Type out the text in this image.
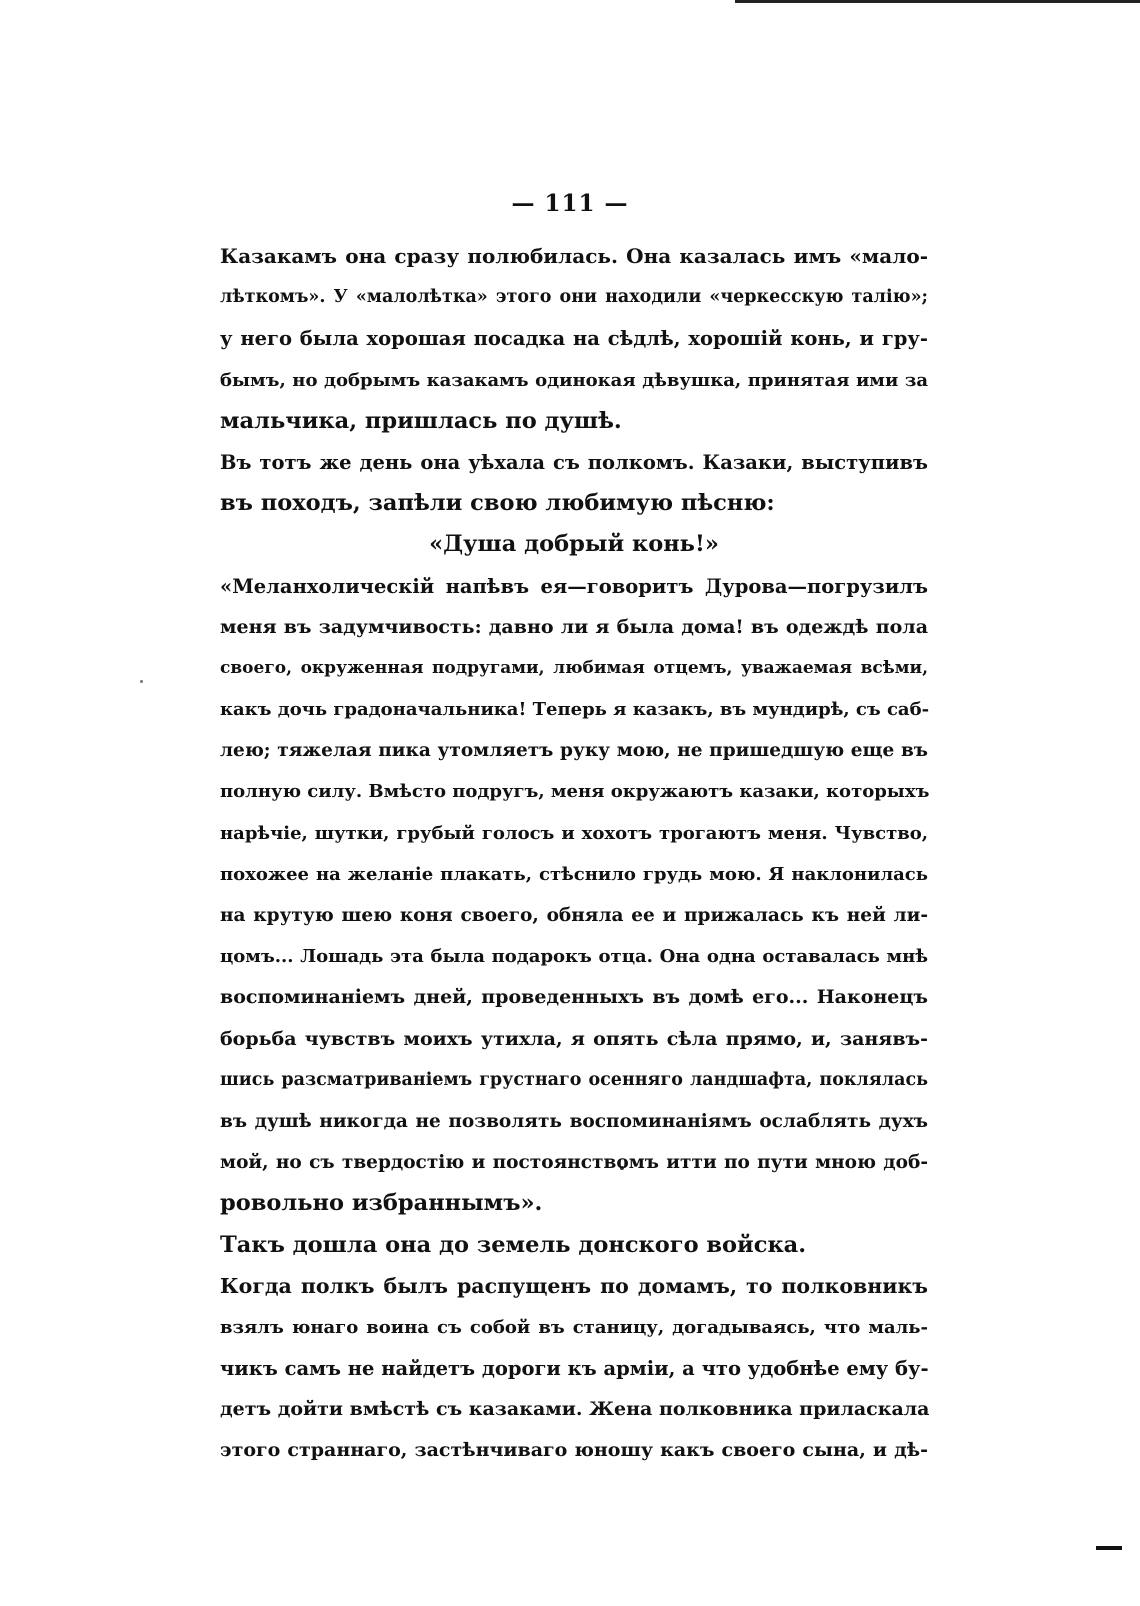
— 111 —
Казакамъ она сразу полюбилась. Она казалась имъ «мало-
лѣткомъ». У «малолѣтка» этого они находили «черкесскую талію»;
у него была хорошая посадка на сѣдлѣ, хорошій конь, и гру-
бымъ, но добрымъ казакамъ одинокая дѣвушка, принятая ими за
мальчика, пришлась по душѣ.
Въ тотъ же день она уѣхала съ полкомъ. Казаки, выступивъ
въ походъ, запѣли свою любимую пѣсню:
«Душа добрый конь!»
«Меланхолическій напѣвъ ея—говоритъ Дурова—погрузилъ
меня въ задумчивость: давно ли я была дома! въ одеждѣ пола
своего, окруженная подругами, любимая отцемъ, уважаемая всѣми,
какъ дочь градоначальника! Теперь я казакъ, въ мундирѣ, съ саб-
лею; тяжелая пика утомляетъ руку мою, не пришедшую еще въ
полную силу. Вмѣсто подругъ, меня окружаютъ казаки, которыхъ
нарѣчіе, шутки, грубый голосъ и хохотъ трогаютъ меня. Чувство,
похожее на желаніе плакать, стѣснило грудь мою. Я наклонилась
на крутую шею коня своего, обняла ее и прижалась къ ней ли-
цомъ... Лошадь эта была подарокъ отца. Она одна оставалась мнѣ
воспоминаніемъ дней, проведенныхъ въ домѣ его... Наконецъ
борьба чувствъ моихъ утихла, я опять сѣла прямо, и, занявъ-
шись разсматриваніемъ грустнаго осенняго ландшафта, поклялась
въ душѣ никогда не позволять воспоминаніямъ ослаблять духъ
мой, но съ твердостію и постоянствомъ итти по пути мною доб-
ровольно избраннымъ».
Такъ дошла она до земель донского войска.
Когда полкъ былъ распущенъ по домамъ, то полковникъ
взялъ юнаго воина съ собой въ станицу, догадываясь, что маль-
чикъ самъ не найдетъ дороги къ арміи, а что удобнѣе ему бу-
детъ дойти вмѣстѣ съ казаками. Жена полковника приласкала
этого страннаго, застѣнчиваго юношу какъ своего сына, и дѣ-
